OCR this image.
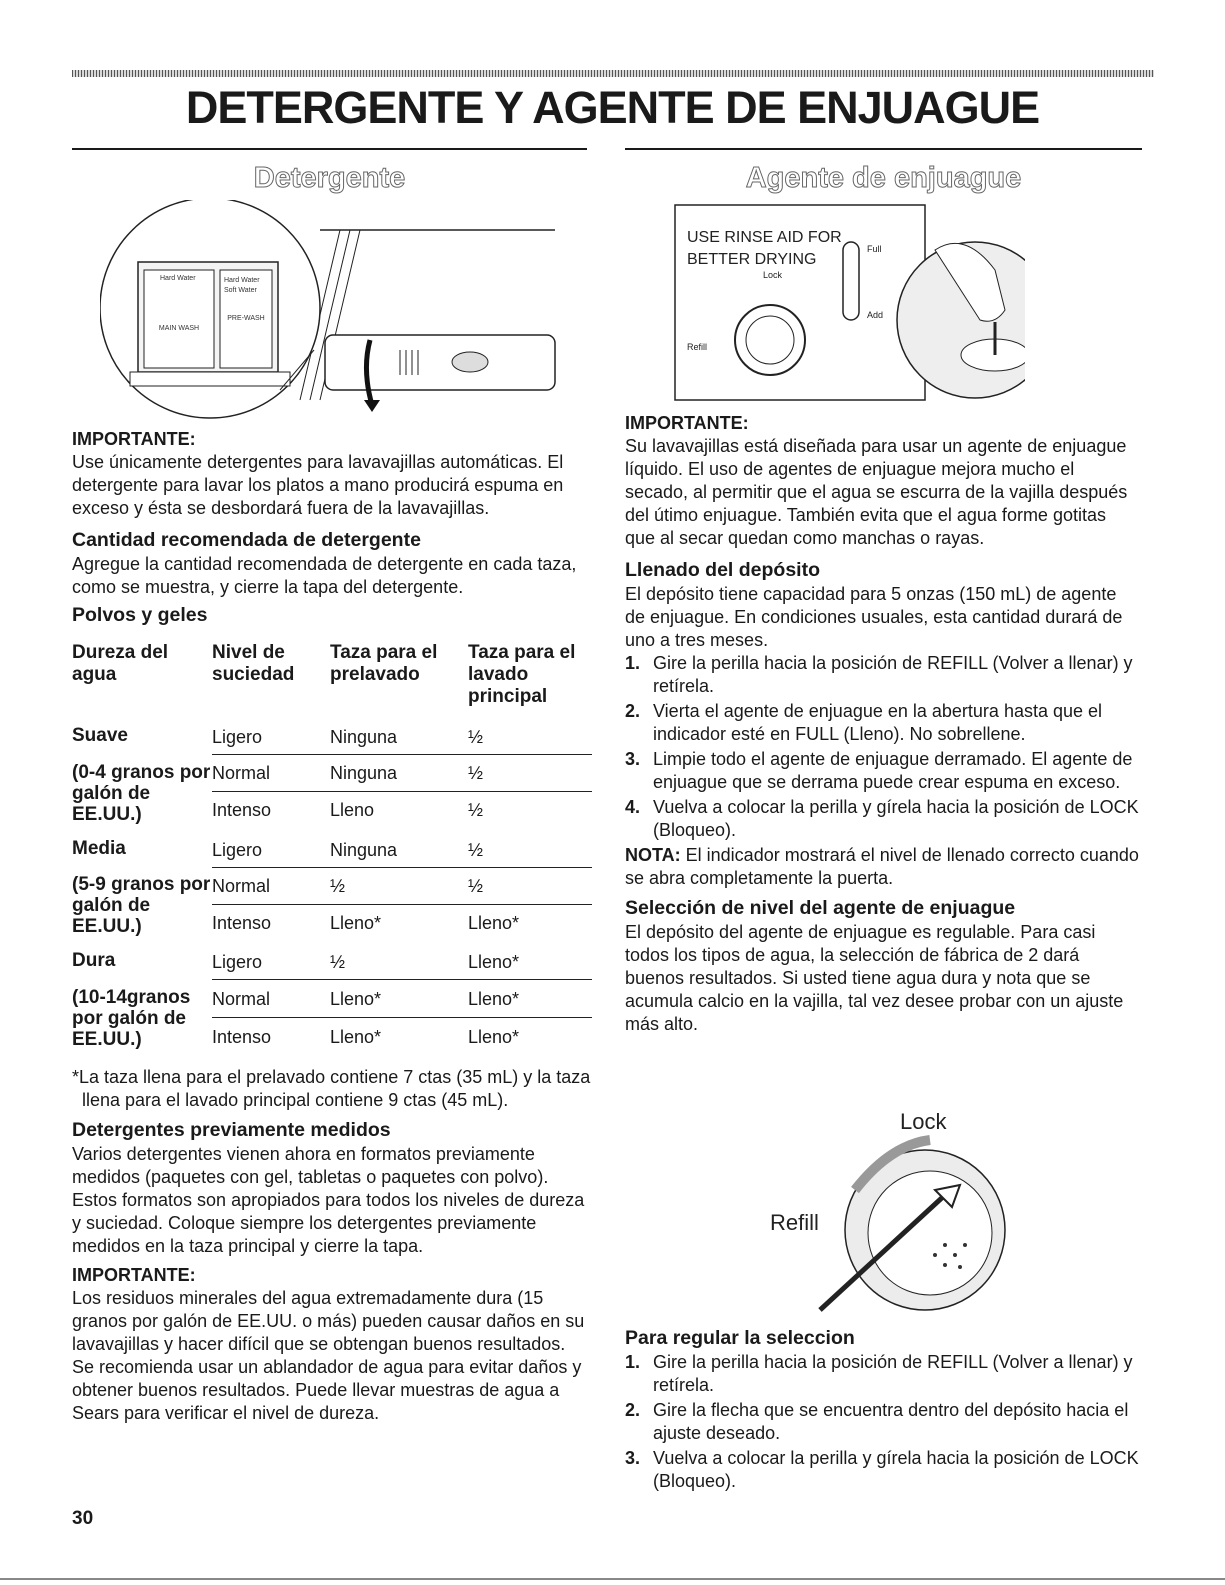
DETERGENTE Y AGENTE DE ENJUAGUE
Detergente	Agente de enjuague
MAIN WASH
PRE-WASH
Hard Water	Hard Water
Soft Water
USE RINSE AID FOR
BETTER DRYING
Lock
Refill
Full
Add

IMPORTANTE:

Use únicamente detergentes para lavavajillas automáticas. El detergente para lavar los platos a mano producirá espuma en exceso y ésta se desbordará fuera de la lavavajillas.

Cantidad recomendada de detergente

Agregue la cantidad recomendada de detergente en cada taza, como se muestra, y cierre la tapa del detergente.

Polvos y geles

Dureza del agua	Nivel de suciedad	Taza para el prelavado	Taza para el lavado principal
Suave	Ligero	Ninguna	½
(0-4 granos por galón de EE.UU.)	Normal	Ninguna	½
	Intenso	Lleno	½
Media	Ligero	Ninguna	½
(5-9 granos por galón de EE.UU.)	Normal	½	½
	Intenso	Lleno*	Lleno*
Dura	Ligero	½	Lleno*
(10-14granos por galón de EE.UU.)	Normal	Lleno*	Lleno*
	Intenso	Lleno*	Lleno*

*La taza llena para el prelavado contiene 7 ctas (35 mL) y la taza llena para el lavado principal contiene 9 ctas (45 mL).

Detergentes previamente medidos

Varios detergentes vienen ahora en formatos previamente medidos (paquetes con gel, tabletas o paquetes con polvo). Estos formatos son apropiados para todos los niveles de dureza y suciedad. Coloque siempre los detergentes previamente medidos en la taza principal y cierre la tapa.

IMPORTANTE:

Los residuos minerales del agua extremadamente dura (15 granos por galón de EE.UU. o más) pueden causar daños en su lavavajillas y hacer difícil que se obtengan buenos resultados. Se recomienda usar un ablandador de agua para evitar daños y obtener buenos resultados. Puede llevar muestras de agua a Sears para verificar el nivel de dureza.

IMPORTANTE:

Su lavavajillas está diseñada para usar un agente de enjuague líquido. El uso de agentes de enjuague mejora mucho el secado, al permitir que el agua se escurra de la vajilla después del útimo enjuague. También evita que el agua forme gotitas que al secar quedan como manchas o rayas.

Llenado del depósito

El depósito tiene capacidad para 5 onzas (150 mL) de agente de enjuague. En condiciones usuales, esta cantidad durará de uno a tres meses.

1. Gire la perilla hacia la posición de REFILL (Volver a llenar) y retírela.
2. Vierta el agente de enjuague en la abertura hasta que el indicador esté en FULL (Lleno). No sobrellene.
3. Limpie todo el agente de enjuague derramado. El agente de enjuague que se derrama puede crear espuma en exceso.
4. Vuelva a colocar la perilla y gírela hacia la posición de LOCK (Bloqueo).

NOTA: El indicador mostrará el nivel de llenado correcto cuando se abra completamente la puerta.

Selección de nivel del agente de enjuague

El depósito del agente de enjuague es regulable. Para casi todos los tipos de agua, la selección de fábrica de 2 dará buenos resultados. Si usted tiene agua dura y nota que se acumula calcio en la vajilla, tal vez desee probar con un ajuste más alto.

Lock
Refill

Para regular la seleccion

1. Gire la perilla hacia la posición de REFILL (Volver a llenar) y retírela.
2. Gire la flecha que se encuentra dentro del depósito hacia el ajuste deseado.
3. Vuelva a colocar la perilla y gírela hacia la posición de LOCK (Bloqueo).
30
